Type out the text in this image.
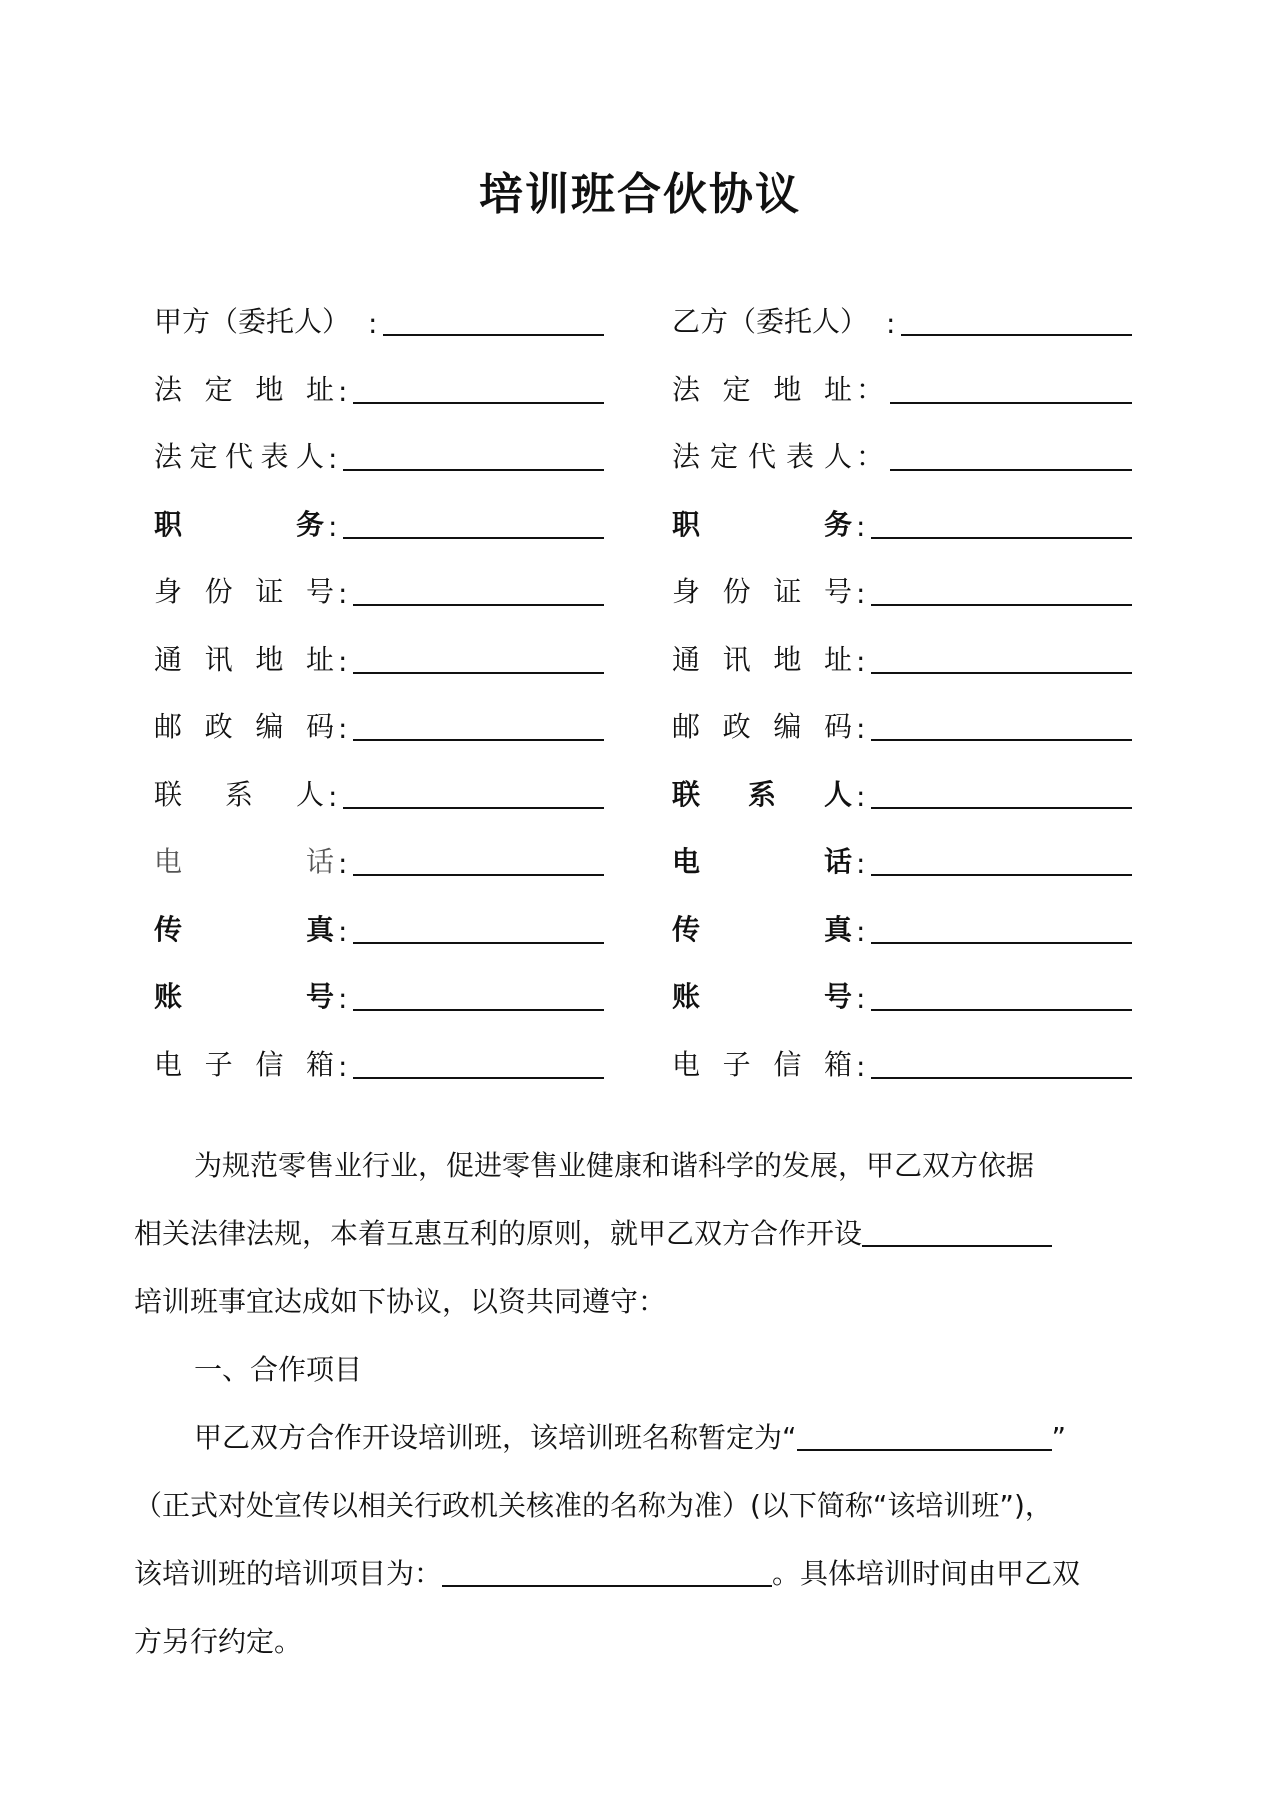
培训班合伙协议
甲方（委托人） :
法定地址 :
法定代表人 :
职务 :
身份证号 :
通讯地址 :
邮政编码 :
联系人 :
电话 :
传真 :
账号 :
电子信箱 :
乙方（委托人） :
法定地址 ：
法定代表人 ：
职务 :
身份证号 :
通讯地址 :
邮政编码 :
联系人 :
电话 :
传真 :
账号 :
电子信箱 :
为规范零售业行业，促进零售业健康和谐科学的发展，甲乙双方依据
相关法律法规，本着互惠互利的原则，就甲乙双方合作开设
培训班事宜达成如下协议，以资共同遵守：
一、合作项目
甲乙双方合作开设培训班，该培训班名称暂定为“	”
（正式对处宣传以相关行政机关核准的名称为准）(以下简称“该培训班”)，
该培训班的培训项目为：	。具体培训时间由甲乙双
方另行约定。
